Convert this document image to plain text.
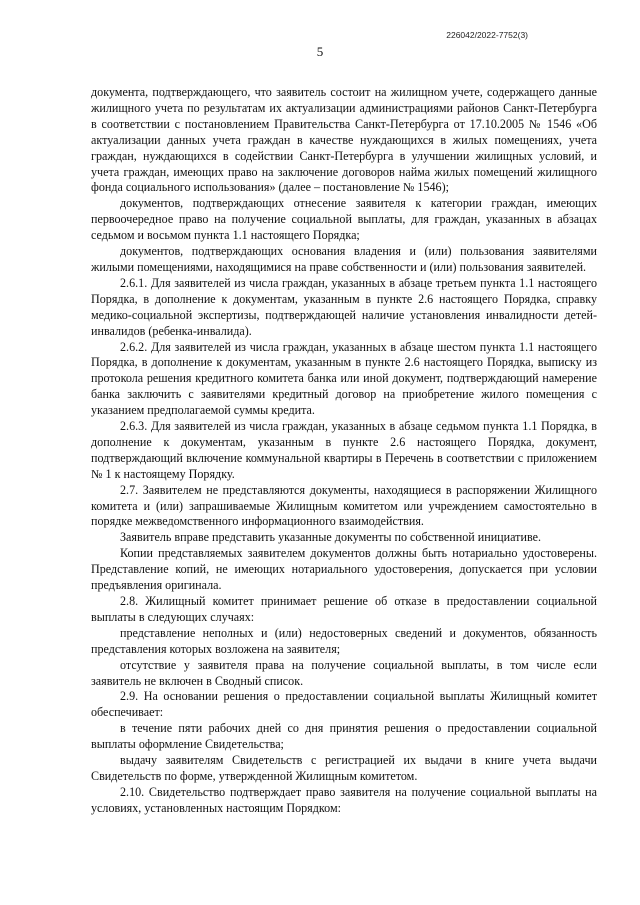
226042/2022-7752(3)
5

документа, подтверждающего, что заявитель состоит на жилищном учете, содержащего данные жилищного учета по результатам их актуализации администрациями районов Санкт-Петербурга в соответствии с постановлением Правительства Санкт-Петербурга от 17.10.2005 № 1546 «Об актуализации данных учета граждан в качестве нуждающихся в жилых помещениях, учета граждан, нуждающихся в содействии Санкт-Петербурга в улучшении жилищных условий, и учета граждан, имеющих право на заключение договоров найма жилых помещений жилищного фонда социального использования» (далее – постановление № 1546);

документов, подтверждающих отнесение заявителя к категории граждан, имеющих первоочередное право на получение социальной выплаты, для граждан, указанных в абзацах седьмом и восьмом пункта 1.1 настоящего Порядка;

документов, подтверждающих основания владения и (или) пользования заявителями жилыми помещениями, находящимися на праве собственности и (или) пользования заявителей.

2.6.1. Для заявителей из числа граждан, указанных в абзаце третьем пункта 1.1 настоящего Порядка, в дополнение к документам, указанным в пункте 2.6 настоящего Порядка, справку медико-социальной экспертизы, подтверждающей наличие установления инвалидности детей-инвалидов (ребенка-инвалида).

2.6.2. Для заявителей из числа граждан, указанных в абзаце шестом пункта 1.1 настоящего Порядка, в дополнение к документам, указанным в пункте 2.6 настоящего Порядка, выписку из протокола решения кредитного комитета банка или иной документ, подтверждающий намерение банка заключить с заявителями кредитный договор на приобретение жилого помещения с указанием предполагаемой суммы кредита.

2.6.3. Для заявителей из числа граждан, указанных в абзаце седьмом пункта 1.1 Порядка, в дополнение к документам, указанным в пункте 2.6 настоящего Порядка, документ, подтверждающий включение коммунальной квартиры в Перечень в соответствии с приложением № 1 к настоящему Порядку.

2.7. Заявителем не представляются документы, находящиеся в распоряжении Жилищного комитета и (или) запрашиваемые Жилищным комитетом или учреждением самостоятельно в порядке межведомственного информационного взаимодействия.

Заявитель вправе представить указанные документы по собственной инициативе.

Копии представляемых заявителем документов должны быть нотариально удостоверены. Представление копий, не имеющих нотариального удостоверения, допускается при условии предъявления оригинала.

2.8. Жилищный комитет принимает решение об отказе в предоставлении социальной выплаты в следующих случаях:

представление неполных и (или) недостоверных сведений и документов, обязанность представления которых возложена на заявителя;

отсутствие у заявителя права на получение социальной выплаты, в том числе если заявитель не включен в Сводный список.

2.9. На основании решения о предоставлении социальной выплаты Жилищный комитет обеспечивает:

в течение пяти рабочих дней со дня принятия решения о предоставлении социальной выплаты оформление Свидетельства;

выдачу заявителям Свидетельств с регистрацией их выдачи в книге учета выдачи Свидетельств по форме, утвержденной Жилищным комитетом.

2.10. Свидетельство подтверждает право заявителя на получение социальной выплаты на условиях, установленных настоящим Порядком:
